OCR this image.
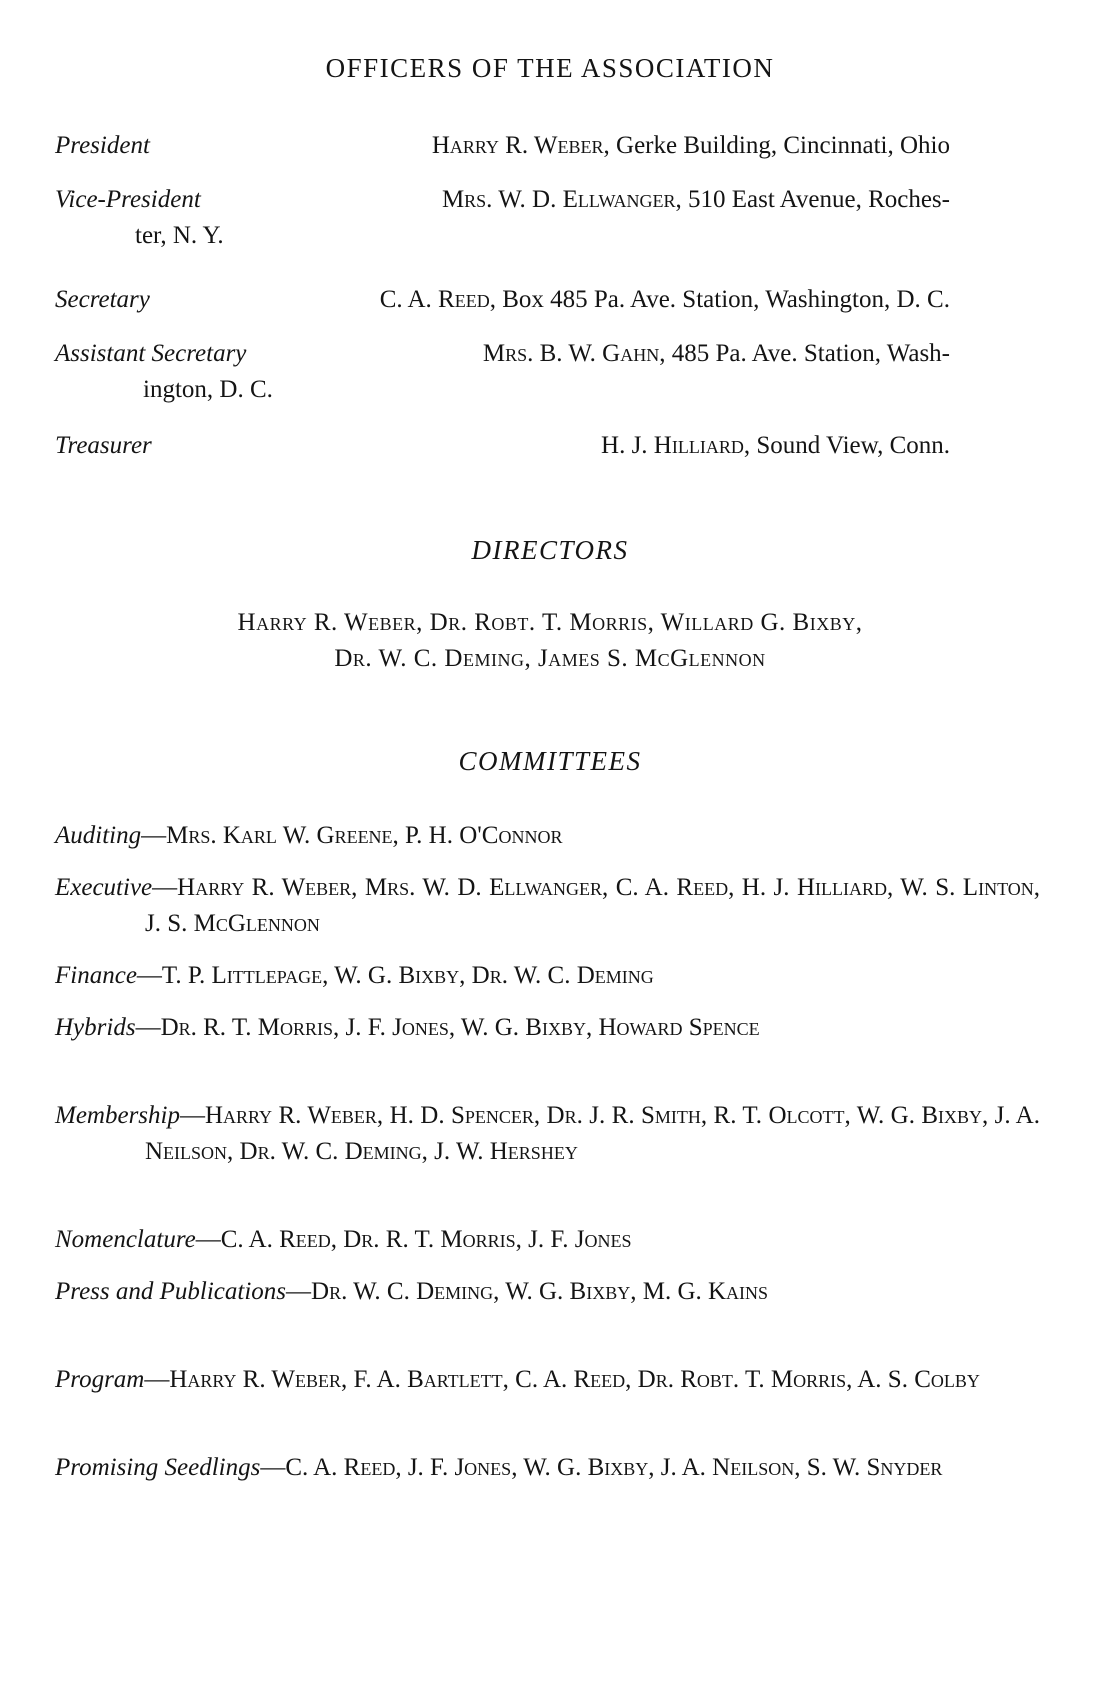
OFFICERS OF THE ASSOCIATION
President	Harry R. Weber, Gerke Building, Cincinnati, Ohio
Vice-President	Mrs. W. D. Ellwanger, 510 East Avenue, Roches-
ter, N. Y.
Secretary	C. A. Reed, Box 485 Pa. Ave. Station, Washington, D. C.
Assistant Secretary	Mrs. B. W. Gahn, 485 Pa. Ave. Station, Wash-
ington, D. C.
Treasurer	H. J. Hilliard, Sound View, Conn.
DIRECTORS
Harry R. Weber, Dr. Robt. T. Morris, Willard G. Bixby,
Dr. W. C. Deming, James S. McGlennon
COMMITTEES
Auditing—Mrs. Karl W. Greene, P. H. O'Connor
Executive—Harry R. Weber, Mrs. W. D. Ellwanger, C. A. Reed, H. J. Hilliard, W. S. Linton, J. S. McGlennon
Finance—T. P. Littlepage, W. G. Bixby, Dr. W. C. Deming
Hybrids—Dr. R. T. Morris, J. F. Jones, W. G. Bixby, Howard Spence
Membership—Harry R. Weber, H. D. Spencer, Dr. J. R. Smith, R. T. Olcott, W. G. Bixby, J. A. Neilson, Dr. W. C. Deming, J. W. Hershey
Nomenclature—C. A. Reed, Dr. R. T. Morris, J. F. Jones
Press and Publications—Dr. W. C. Deming, W. G. Bixby, M. G. Kains
Program—Harry R. Weber, F. A. Bartlett, C. A. Reed, Dr. Robt. T. Morris, A. S. Colby
Promising Seedlings—C. A. Reed, J. F. Jones, W. G. Bixby, J. A. Neilson, S. W. Snyder
